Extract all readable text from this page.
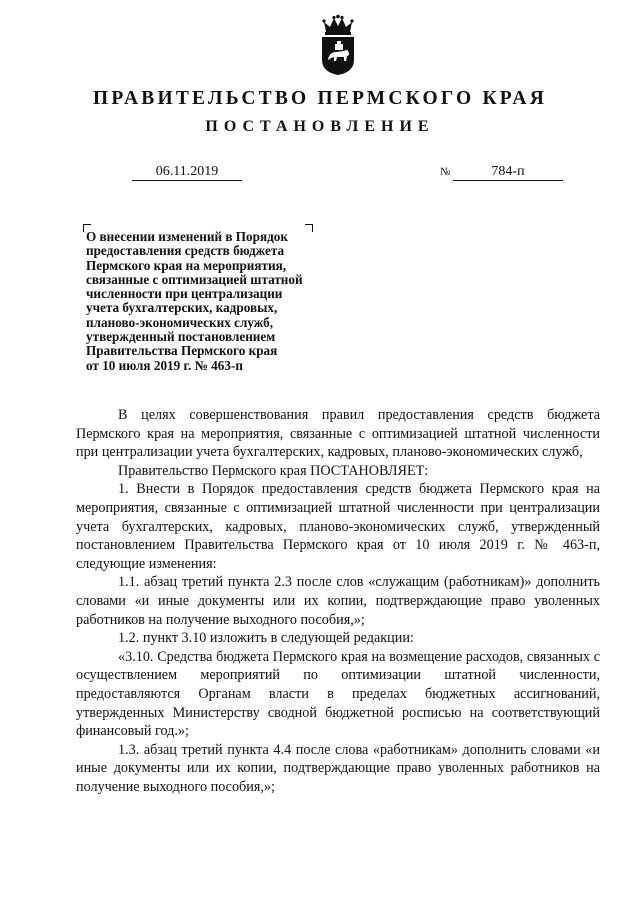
ПРАВИТЕЛЬСТВО ПЕРМСКОГО КРАЯ
ПОСТАНОВЛЕНИЕ
06.11.2019	№	784-п
О внесении изменений в Порядок
предоставления средств бюджета
Пермского края на мероприятия,
связанные с оптимизацией штатной
численности при централизации
учета бухгалтерских, кадровых,
планово-экономических служб,
утвержденный постановлением
Правительства Пермского края
от 10 июля 2019 г. № 463-п

В целях совершенствования правил предоставления средств бюджета Пермского края на мероприятия, связанные с оптимизацией штатной численности при централизации учета бухгалтерских, кадровых, планово-экономических служб,

Правительство Пермского края ПОСТАНОВЛЯЕТ:

1. Внести в Порядок предоставления средств бюджета Пермского края на мероприятия, связанные с оптимизацией штатной численности при централизации учета бухгалтерских, кадровых, планово-экономических служб, утвержденный постановлением Правительства Пермского края от 10 июля 2019 г. № 463-п, следующие изменения:

1.1. абзац третий пункта 2.3 после слов «служащим (работникам)» дополнить словами «и иные документы или их копии, подтверждающие право уволенных работников на получение выходного пособия,»;

1.2. пункт 3.10 изложить в следующей редакции:

«3.10. Средства бюджета Пермского края на возмещение расходов, связанных с осуществлением мероприятий по оптимизации штатной численности, предоставляются Органам власти в пределах бюджетных ассигнований, утвержденных Министерству сводной бюджетной росписью на соответствующий финансовый год.»;

1.3. абзац третий пункта 4.4 после слова «работникам» дополнить словами «и иные документы или их копии, подтверждающие право уволенных работников на получение выходного пособия,»;
